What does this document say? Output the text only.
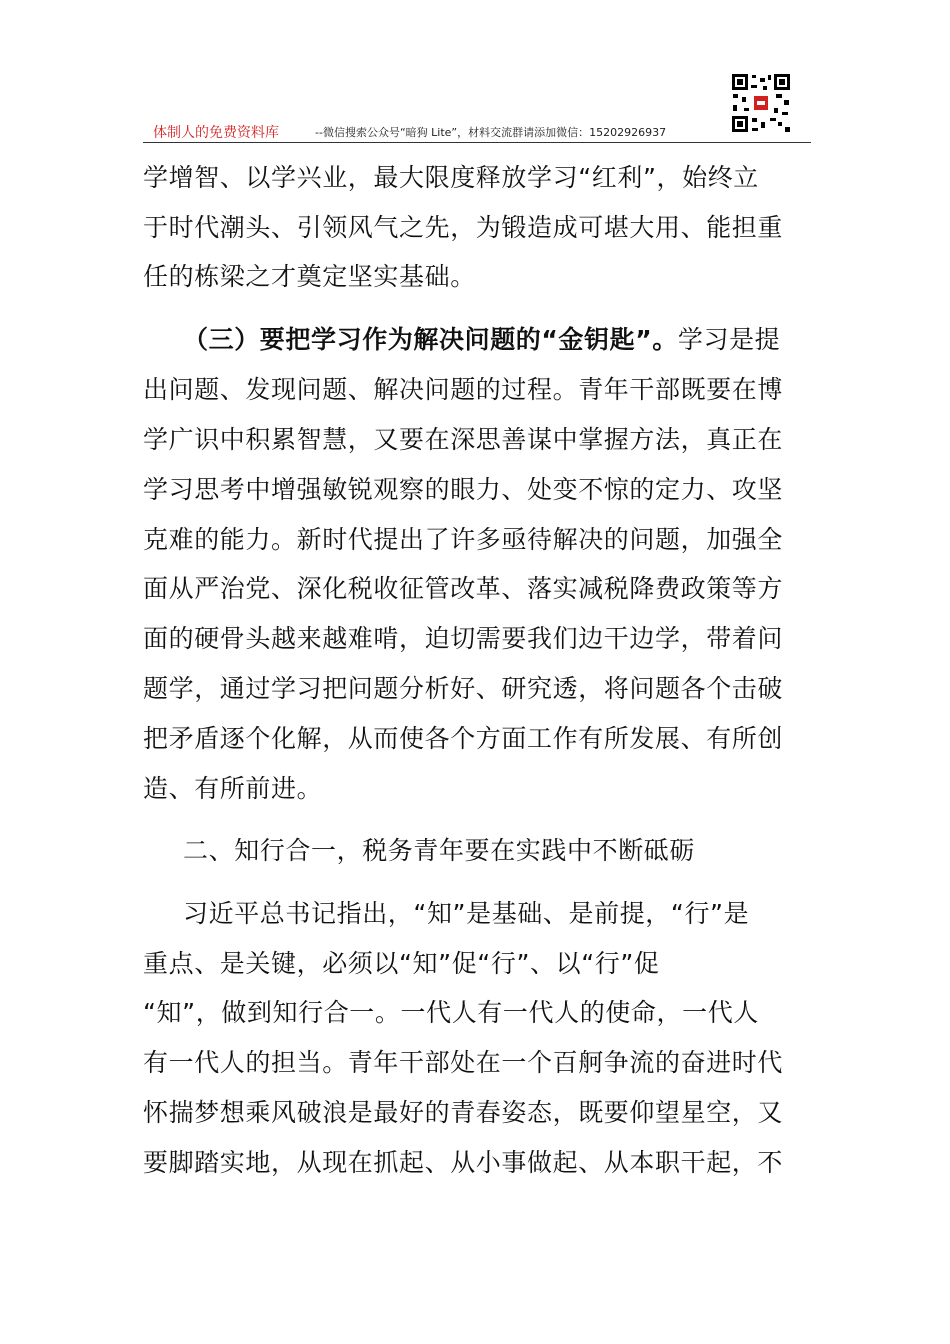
体制人的免费资料库	--微信搜索公众号“暗狗 Lite”，材料交流群请添加微信：15202926937
学增智、以学兴业，最大限度释放学习“红利”，始终立
于时代潮头、引领风气之先，为锻造成可堪大用、能担重
任的栋梁之才奠定坚实基础。
（三）要把学习作为解决问题的“金钥匙”。学习是提
出问题、发现问题、解决问题的过程。青年干部既要在博
学广识中积累智慧，又要在深思善谋中掌握方法，真正在
学习思考中增强敏锐观察的眼力、处变不惊的定力、攻坚
克难的能力。新时代提出了许多亟待解决的问题，加强全
面从严治党、深化税收征管改革、落实减税降费政策等方
面的硬骨头越来越难啃，迫切需要我们边干边学，带着问
题学，通过学习把问题分析好、研究透，将问题各个击破
把矛盾逐个化解，从而使各个方面工作有所发展、有所创
造、有所前进。
二、知行合一，税务青年要在实践中不断砥砺
习近平总书记指出，“知”是基础、是前提，“行”是
重点、是关键，必须以“知”促“行”、以“行”促
“知”，做到知行合一。一代人有一代人的使命，一代人
有一代人的担当。青年干部处在一个百舸争流的奋进时代
怀揣梦想乘风破浪是最好的青春姿态，既要仰望星空，又
要脚踏实地，从现在抓起、从小事做起、从本职干起，不
